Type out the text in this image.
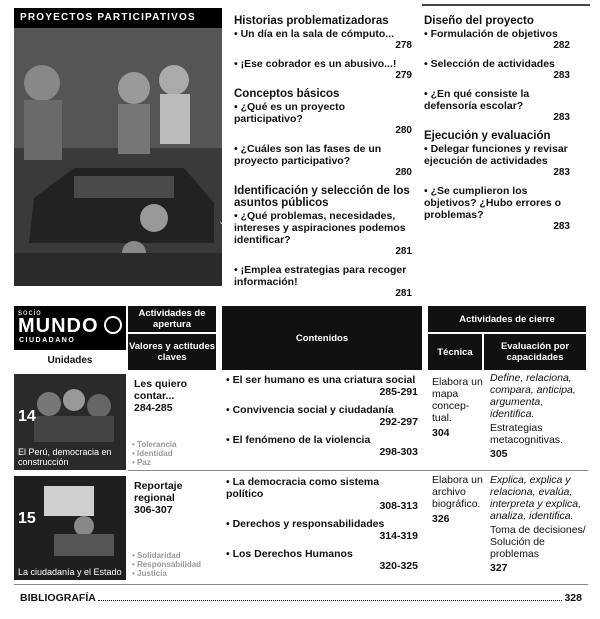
PROYECTOS PARTICIPATIVOS
¡AQUÍ, EL QUE MANDA SOY YO!
Historias problematizadoras
• Un día en la sala de cómputo...
278
• ¡Ese cobrador es un abusivo...!
279
Conceptos básicos
• ¿Qué es un proyecto participativo?
280
• ¿Cuáles son las fases de un proyecto participativo?
280
Identificación y selección de los asuntos públicos
• ¿Qué problemas, necesidades, intereses y aspiraciones podemos identificar?
281
• ¡Emplea estrategias para recoger información!
281
•
Diseño del proyecto
• Formulación de objetivos
282
• Selección de actividades
283
• ¿En qué consiste la defensoría escolar?
283
Ejecución y evaluación
• Delegar funciones y revisar ejecución de actividades
283
• ¿Se cumplieron los objetivos? ¿Hubo errores o problemas?
283
socio
MUNDO
CIUDADANO
Unidades
Actividades de apertura
Valores y actitudes claves
Contenidos
Actividades de cierre
Técnica	Evaluación por capacidades
14
El Perú, democracia en construcción
Les quiero contar...
284-285
• Tolerancia
• Identidad
• Paz
• El ser humano es una criatura social
285-291
• Convivencia social y ciudadanía
292-297
• El fenómeno de la violencia
298-303
Elabora un mapa concep-tual.
304
Define, relaciona, compara, anticipa, argumenta, identifica.
Estrategias metacognitivas.
305
15
La ciudadanía y el Estado
Reportaje regional
306-307
• Solidaridad
• Responsabilidad
• Justicia
• La democracia como sistema político
308-313
• Derechos y responsabilidades
314-319
• Los Derechos Humanos
320-325
Elabora un archivo biográfico.
326
Explica, explica y relaciona, evalúa, interpreta y explica, analiza, identifica.
Toma de decisiones/ Solución de problemas
327
BIBLIOGRAFÍA	328
